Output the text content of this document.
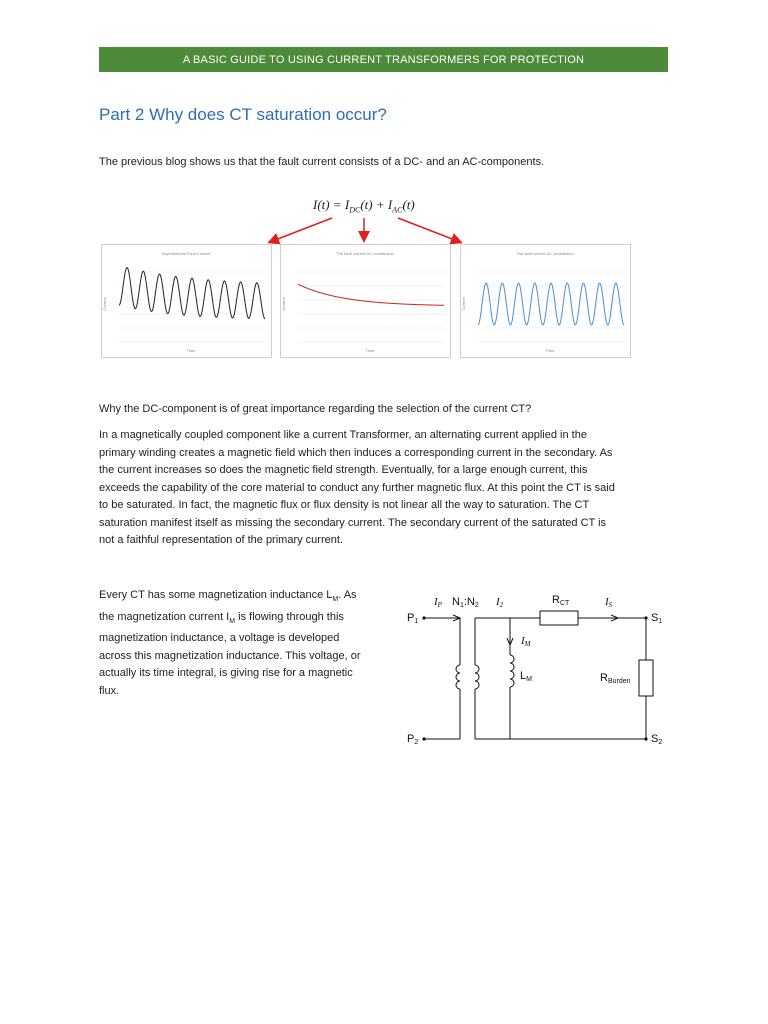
A BASIC GUIDE TO USING CURRENT TRANSFORMERS FOR PROTECTION
Part 2 Why does CT saturation occur?

The previous blog shows us that the fault current consists of a DC- and an AC-components.

$I(t) = I_{DC}(t) + I_{AC}(t)$
Asymmetrical Fault Current
Time
Current
The fault current DC contribution
Time
Current
The fault current AC contribution
Time
Current

Why the DC-component is of great importance regarding the selection of the current CT?

In a magnetically coupled component like a current Transformer, an alternating current applied in the
primary winding creates a magnetic field which then induces a corresponding current in the secondary. As
the current increases so does the magnetic field strength. Eventually, for a large enough current, this
exceeds the capability of the core material to conduct any further magnetic flux. At this point the CT is said
to be saturated. In fact, the magnetic flux or flux density is not linear all the way to saturation. The CT
saturation manifest itself as missing the secondary current. The secondary current of the saturated CT is
not a faithful representation of the primary current.
Every CT has some magnetization inductance $L_M$. As
the magnetization current $I_M$ is flowing through this
magnetization inductance, a voltage is developed
across this magnetization inductance. This voltage, or
actually its time integral, is giving rise for a magnetic
flux.
IP N1:N2 I2	RCT	IS
IM
LM	RBurden
P1
P2
S1
S2
